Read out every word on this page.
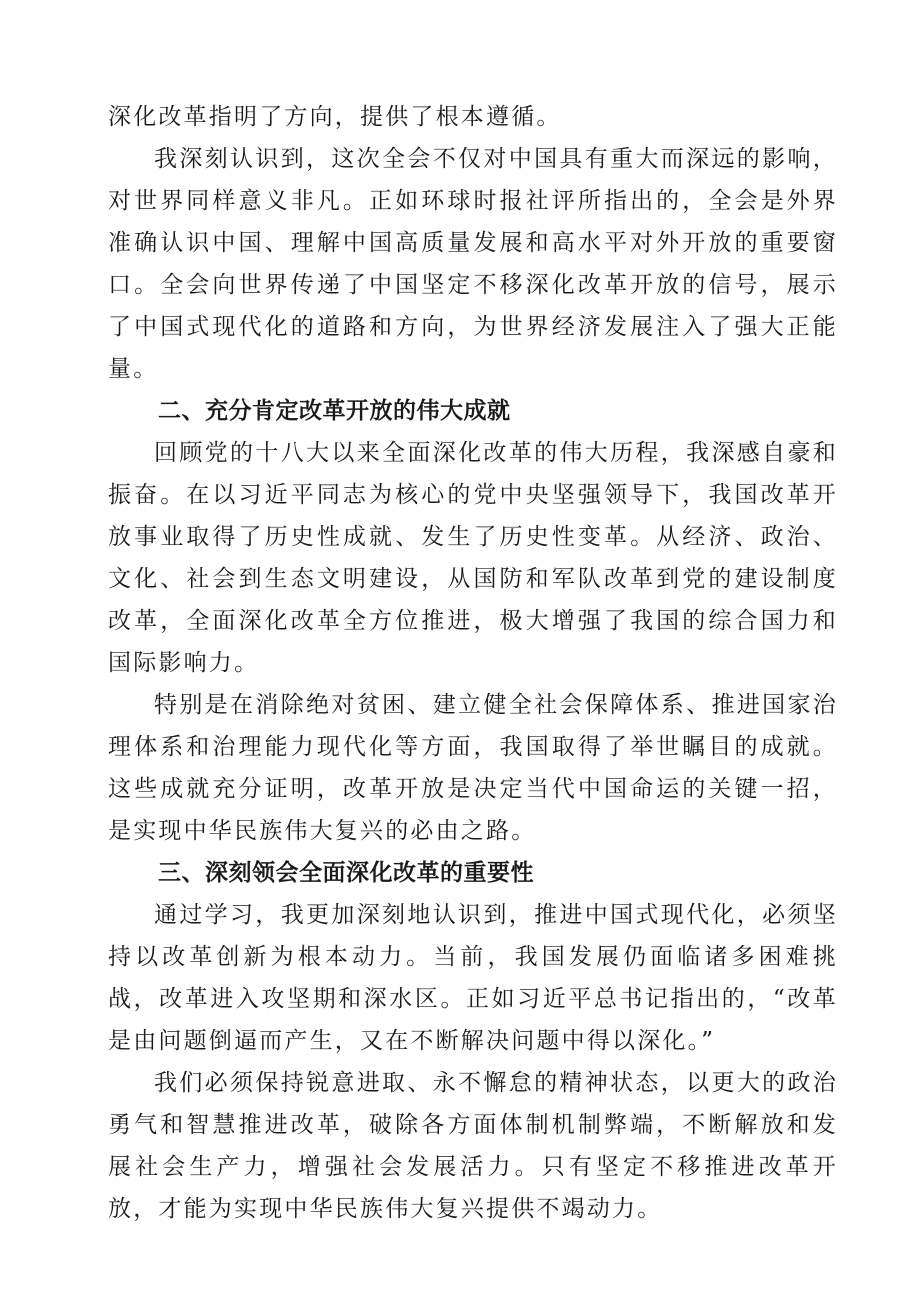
深化改革指明了方向，提供了根本遵循。

我深刻认识到，这次全会不仅对中国具有重大而深远的影响，对世界同样意义非凡。正如环球时报社评所指出的，全会是外界准确认识中国、理解中国高质量发展和高水平对外开放的重要窗口。全会向世界传递了中国坚定不移深化改革开放的信号，展示了中国式现代化的道路和方向，为世界经济发展注入了强大正能量。

二、充分肯定改革开放的伟大成就

回顾党的十八大以来全面深化改革的伟大历程，我深感自豪和振奋。在以习近平同志为核心的党中央坚强领导下，我国改革开放事业取得了历史性成就、发生了历史性变革。从经济、政治、文化、社会到生态文明建设，从国防和军队改革到党的建设制度改革，全面深化改革全方位推进，极大增强了我国的综合国力和国际影响力。

特别是在消除绝对贫困、建立健全社会保障体系、推进国家治理体系和治理能力现代化等方面，我国取得了举世瞩目的成就。这些成就充分证明，改革开放是决定当代中国命运的关键一招，是实现中华民族伟大复兴的必由之路。

三、深刻领会全面深化改革的重要性

通过学习，我更加深刻地认识到，推进中国式现代化，必须坚持以改革创新为根本动力。当前，我国发展仍面临诸多困难挑战，改革进入攻坚期和深水区。正如习近平总书记指出的，“改革是由问题倒逼而产生，又在不断解决问题中得以深化。”

我们必须保持锐意进取、永不懈怠的精神状态，以更大的政治勇气和智慧推进改革，破除各方面体制机制弊端，不断解放和发展社会生产力，增强社会发展活力。只有坚定不移推进改革开放，才能为实现中华民族伟大复兴提供不竭动力。
